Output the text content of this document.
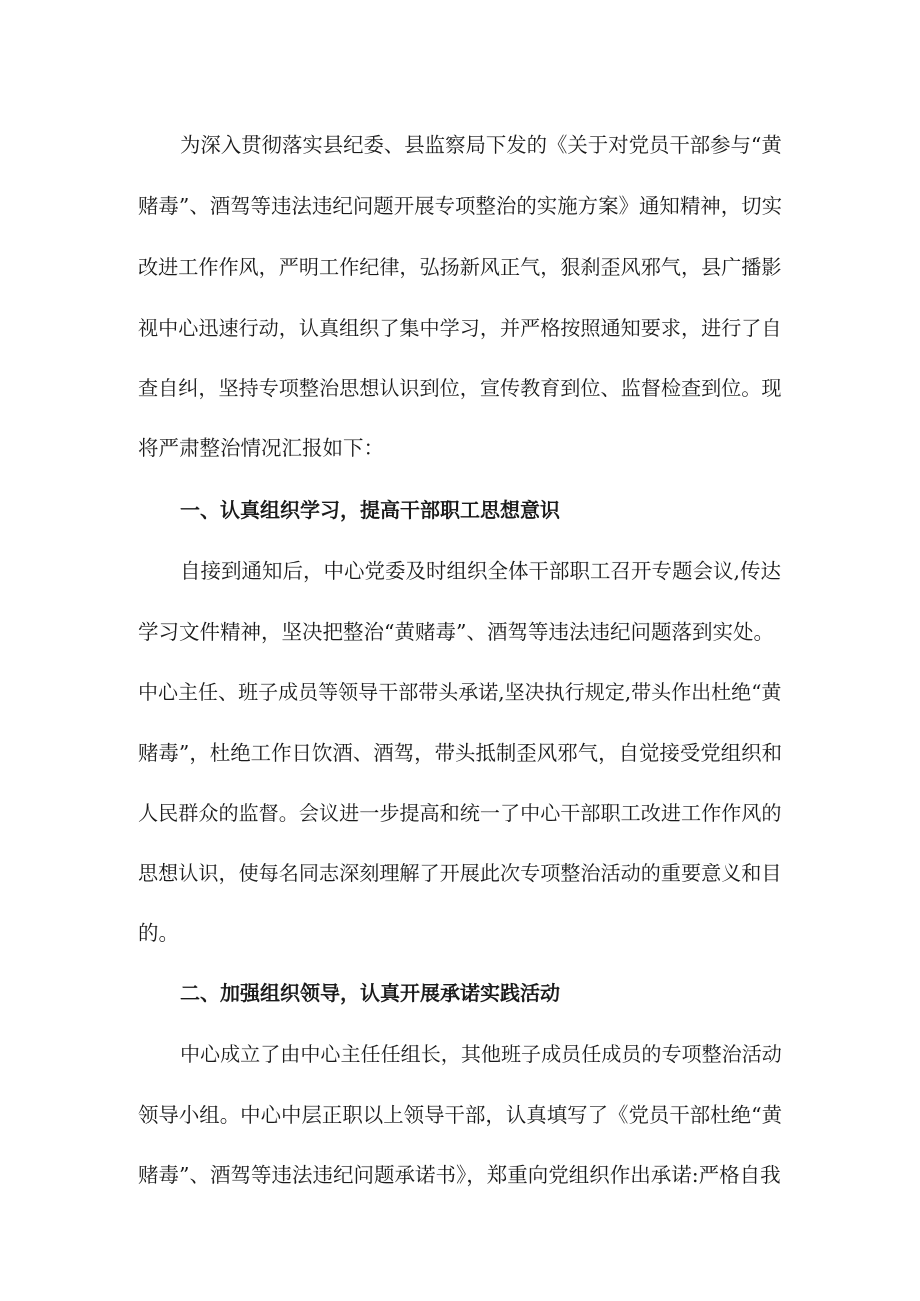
为深入贯彻落实县纪委、县监察局下发的《关于对党员干部参与“黄
赌毒”、酒驾等违法违纪问题开展专项整治的实施方案》通知精神，切实
改进工作作风，严明工作纪律，弘扬新风正气，狠刹歪风邪气，县广播影
视中心迅速行动，认真组织了集中学习，并严格按照通知要求，进行了自
查自纠，坚持专项整治思想认识到位，宣传教育到位、监督检查到位。现
将严肃整治情况汇报如下：
一、认真组织学习，提高干部职工思想意识
自接到通知后，中心党委及时组织全体干部职工召开专题会议,传达
学习文件精神，坚决把整治“黄赌毒”、酒驾等违法违纪问题落到实处。
中心主任、班子成员等领导干部带头承诺,坚决执行规定,带头作出杜绝“黄
赌毒”，杜绝工作日饮酒、酒驾，带头抵制歪风邪气，自觉接受党组织和
人民群众的监督。会议进一步提高和统一了中心干部职工改进工作作风的
思想认识，使每名同志深刻理解了开展此次专项整治活动的重要意义和目
的。
二、加强组织领导，认真开展承诺实践活动
中心成立了由中心主任任组长，其他班子成员任成员的专项整治活动
领导小组。中心中层正职以上领导干部，认真填写了《党员干部杜绝“黄
赌毒”、酒驾等违法违纪问题承诺书》，郑重向党组织作出承诺:严格自我
